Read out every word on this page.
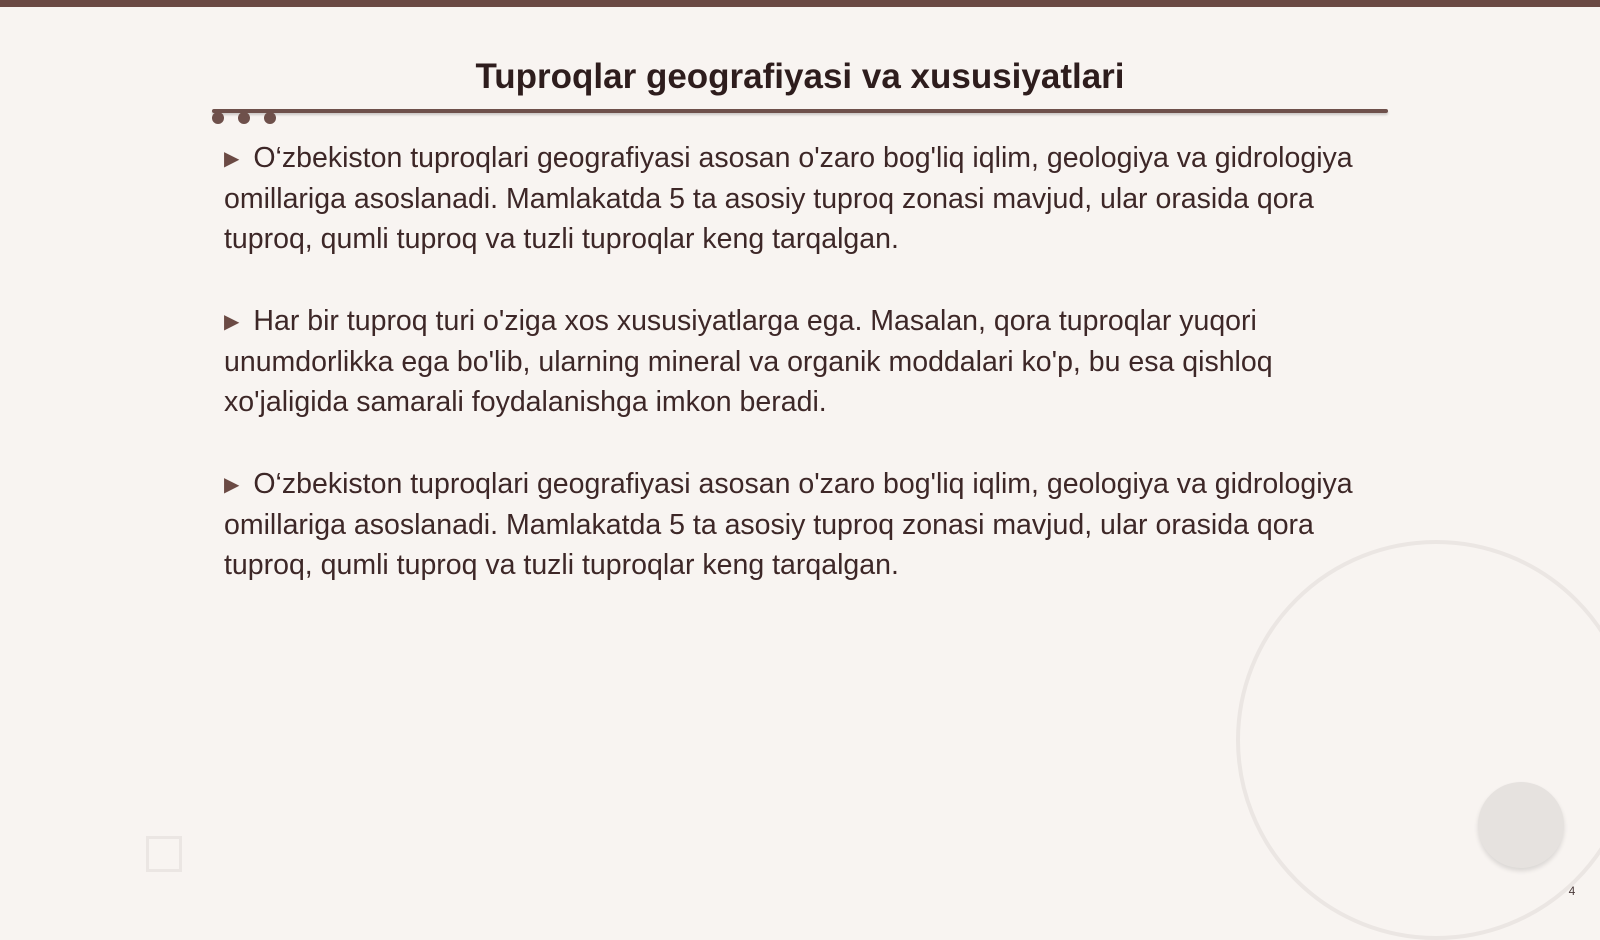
Tuproqlar geografiyasi va xususiyatlari

▶ O‘zbekiston tuproqlari geografiyasi asosan o'zaro bog'liq iqlim, geologiya va gidrologiya omillariga asoslanadi. Mamlakatda 5 ta asosiy tuproq zonasi mavjud, ular orasida qora tuproq, qumli tuproq va tuzli tuproqlar keng tarqalgan.

▶ Har bir tuproq turi o'ziga xos xususiyatlarga ega. Masalan, qora tuproqlar yuqori unumdorlikka ega bo'lib, ularning mineral va organik moddalari ko'p, bu esa qishloq xo'jaligida samarali foydalanishga imkon beradi.

▶ O‘zbekiston tuproqlari geografiyasi asosan o'zaro bog'liq iqlim, geologiya va gidrologiya omillariga asoslanadi. Mamlakatda 5 ta asosiy tuproq zonasi mavjud, ular orasida qora tuproq, qumli tuproq va tuzli tuproqlar keng tarqalgan.

4
